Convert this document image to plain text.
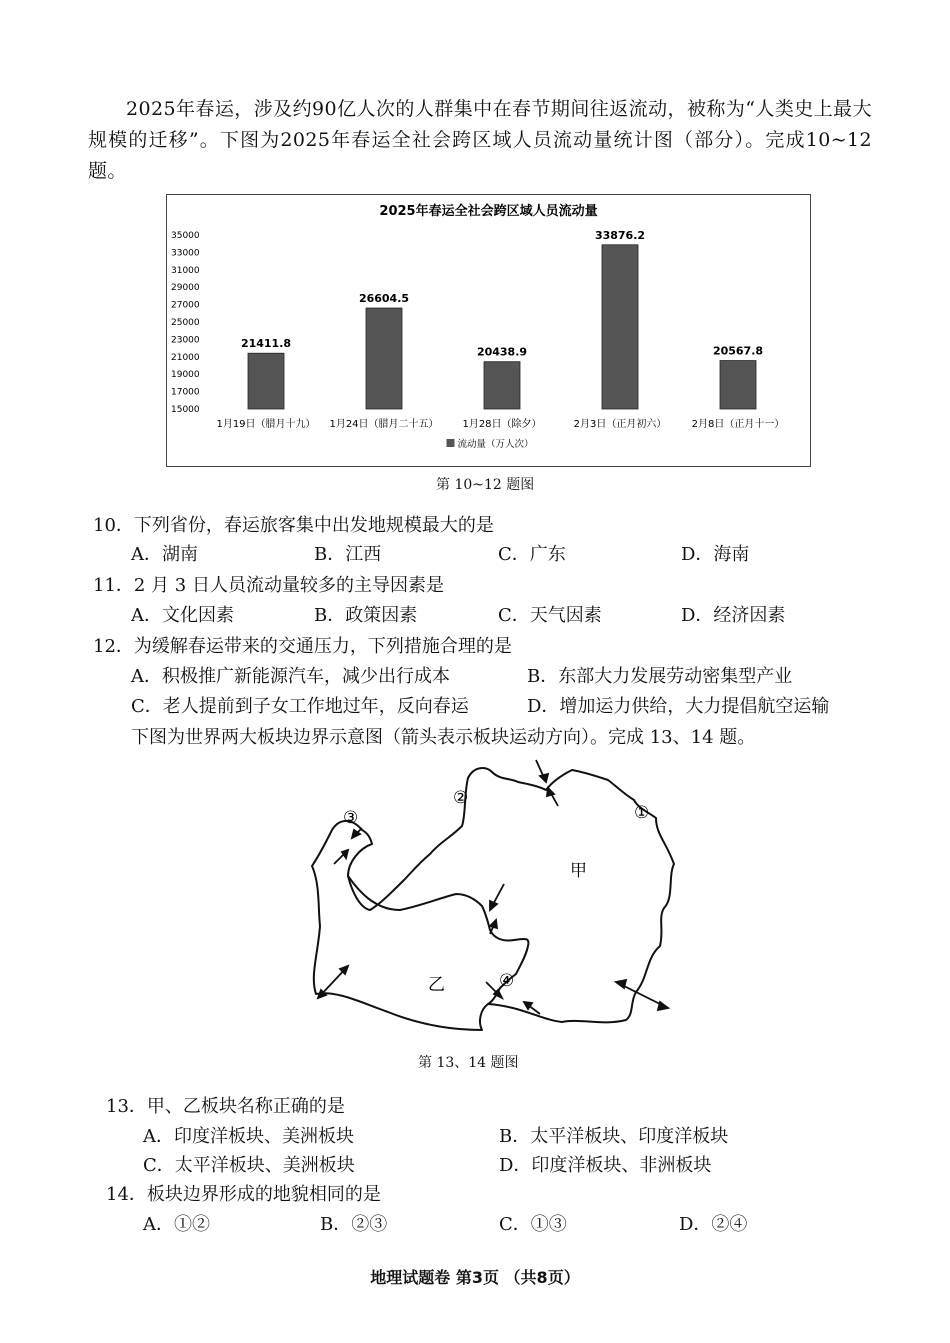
2025年春运，涉及约90亿人次的人群集中在春节期间往返流动，被称为“人类史上最大规模的迁移”。下图为2025年春运全社会跨区域人员流动量统计图（部分）。完成10~12题。
2025年春运全社会跨区域人员流动量
35000
33000
31000
29000
27000
25000
23000
21000
19000
17000
15000
21411.8
1月19日（腊月十九）
26604.5
1月24日（腊月二十五）
20438.9
1月28日（除夕）
33876.2
2月3日（正月初六）
20567.8
2月8日（正月十一）
流动量（万人次）
第 10~12 题图
10．下列省份，春运旅客集中出发地规模最大的是
A．湖南	B．江西	C．广东	D．海南
11．2 月 3 日人员流动量较多的主导因素是
A．文化因素	B．政策因素	C．天气因素	D．经济因素
12．为缓解春运带来的交通压力，下列措施合理的是
A．积极推广新能源汽车，减少出行成本	B．东部大力发展劳动密集型产业
C．老人提前到子女工作地过年，反向春运	D．增加运力供给，大力提倡航空运输
下图为世界两大板块边界示意图（箭头表示板块运动方向）。完成 13、14 题。
甲
乙
①
②
③
④
第 13、14 题图
13．甲、乙板块名称正确的是
A．印度洋板块、美洲板块	B．太平洋板块、印度洋板块
C．太平洋板块、美洲板块	D．印度洋板块、非洲板块
14．板块边界形成的地貌相同的是
A．①②	B．②③	C．①③	D．②④
地理试题卷 第3页 （共8页）
